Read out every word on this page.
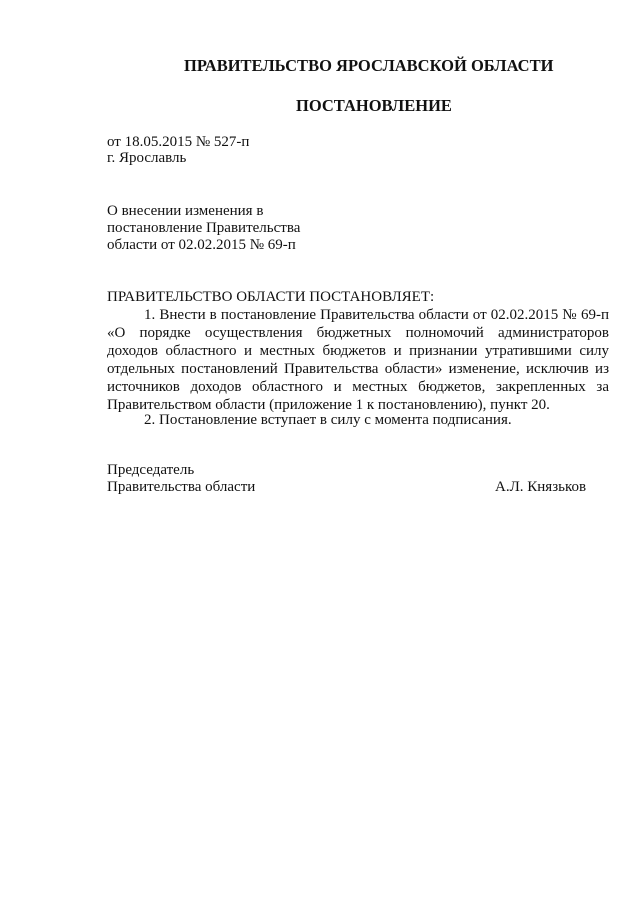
ПРАВИТЕЛЬСТВО ЯРОСЛАВСКОЙ ОБЛАСТИ
ПОСТАНОВЛЕНИЕ
от 18.05.2015 № 527-п
г. Ярославль
О внесении изменения в
постановление Правительства
области от 02.02.2015 № 69-п
ПРАВИТЕЛЬСТВО ОБЛАСТИ ПОСТАНОВЛЯЕТ:
1. Внести в постановление Правительства области от 02.02.2015 № 69-п «О порядке осуществления бюджетных полномочий администраторов доходов областного и местных бюджетов и признании утратившими силу отдельных постановлений Правительства области» изменение, исключив из источников доходов областного и местных бюджетов, закрепленных за Правительством области (приложение 1 к постановлению), пункт 20.
2. Постановление вступает в силу с момента подписания.
Председатель
Правительства области	А.Л. Князьков
